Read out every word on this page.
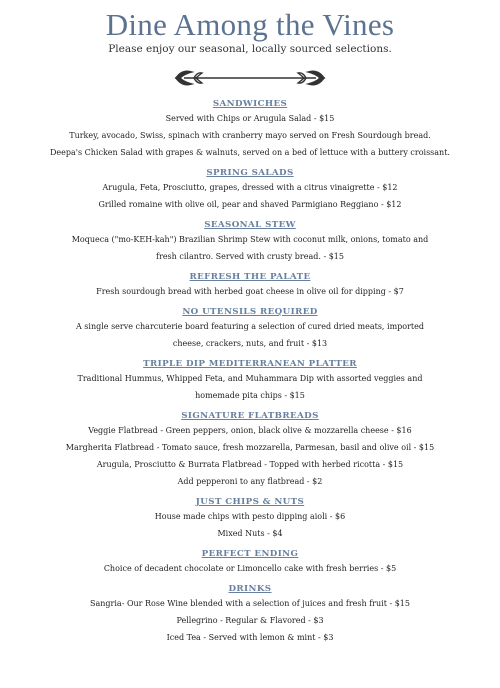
Dine Among the Vines

Please enjoy our seasonal, locally sourced selections.

SANDWICHES

Served with Chips or Arugula Salad - $15

Turkey, avocado, Swiss, spinach with cranberry mayo served on Fresh Sourdough bread.

Deepa's Chicken Salad with grapes & walnuts, served on a bed of lettuce with a buttery croissant.

SPRING SALADS

Arugula, Feta, Prosciutto, grapes, dressed with a citrus vinaigrette - $12

Grilled romaine with olive oil, pear and shaved Parmigiano Reggiano - $12

SEASONAL STEW

Moqueca ("mo-KEH-kah") Brazilian Shrimp Stew with coconut milk, onions, tomato and

fresh cilantro. Served with crusty bread. - $15

REFRESH THE PALATE

Fresh sourdough bread with herbed goat cheese in olive oil for dipping - $7

NO UTENSILS REQUIRED

A single serve charcuterie board featuring a selection of cured dried meats, imported

cheese, crackers, nuts, and fruit - $13

TRIPLE DIP MEDITERRANEAN PLATTER

Traditional Hummus, Whipped Feta, and Muhammara Dip with assorted veggies and

homemade pita chips - $15

SIGNATURE FLATBREADS

Veggie Flatbread - Green peppers, onion, black olive & mozzarella cheese - $16

Margherita Flatbread - Tomato sauce, fresh mozzarella, Parmesan, basil and olive oil - $15

Arugula, Prosciutto & Burrata Flatbread - Topped with herbed ricotta - $15

Add pepperoni to any flatbread - $2

JUST CHIPS & NUTS

House made chips with pesto dipping aioli - $6

Mixed Nuts - $4

PERFECT ENDING

Choice of decadent chocolate or Limoncello cake with fresh berries - $5

DRINKS

Sangria- Our Rose Wine blended with a selection of juices and fresh fruit - $15

Pellegrino - Regular & Flavored - $3

Iced Tea - Served with lemon & mint - $3
